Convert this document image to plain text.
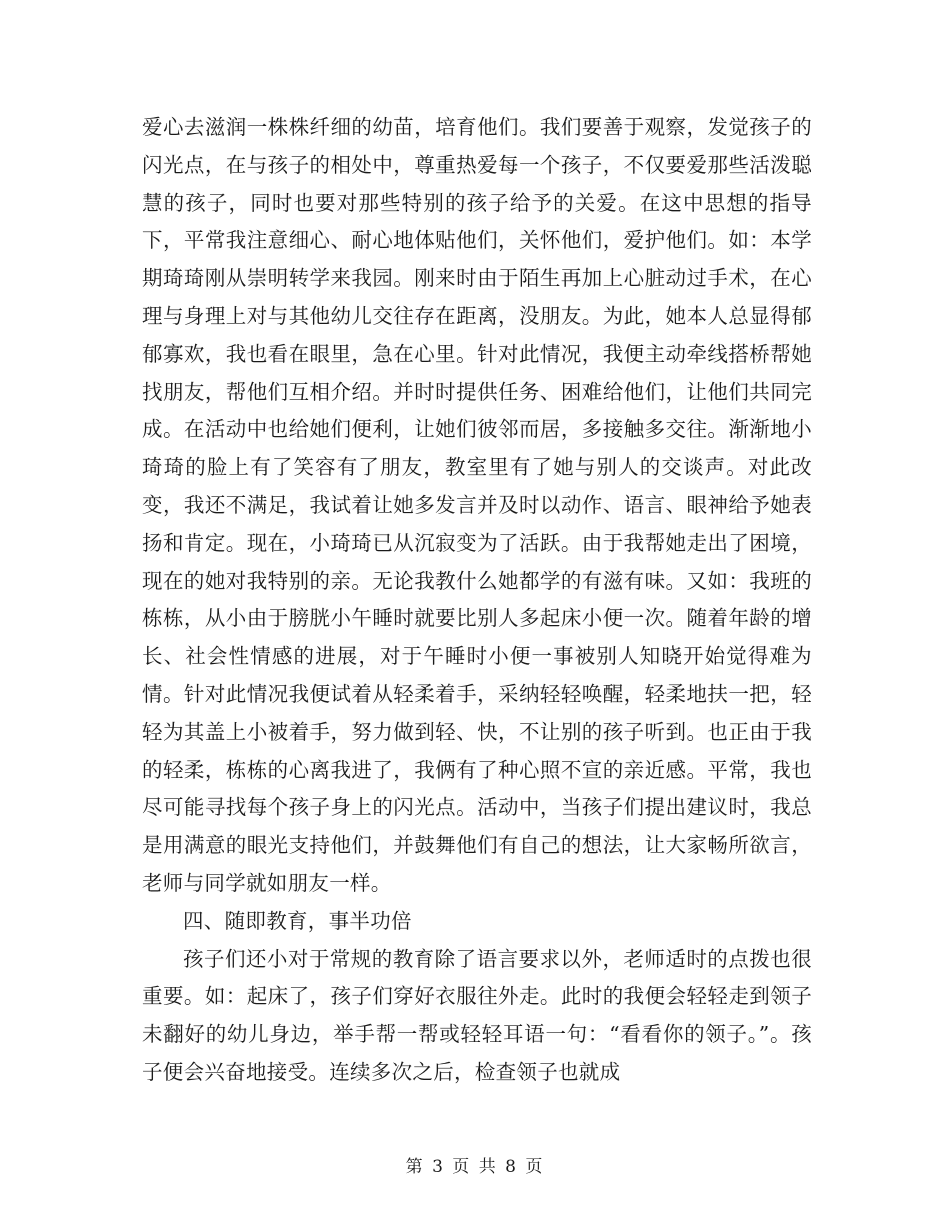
爱心去滋润一株株纤细的幼苗，培育他们。我们要善于观察，发觉孩子的闪光点，在与孩子的相处中，尊重热爱每一个孩子，不仅要爱那些活泼聪慧的孩子，同时也要对那些特别的孩子给予的关爱。在这中思想的指导下，平常我注意细心、耐心地体贴他们，关怀他们，爱护他们。如：本学期琦琦刚从崇明转学来我园。刚来时由于陌生再加上心脏动过手术，在心理与身理上对与其他幼儿交往存在距离，没朋友。为此，她本人总显得郁郁寡欢，我也看在眼里，急在心里。针对此情况，我便主动牵线搭桥帮她找朋友，帮他们互相介绍。并时时提供任务、困难给他们，让他们共同完成。在活动中也给她们便利，让她们彼邻而居，多接触多交往。渐渐地小琦琦的脸上有了笑容有了朋友，教室里有了她与别人的交谈声。对此改变，我还不满足，我试着让她多发言并及时以动作、语言、眼神给予她表扬和肯定。现在，小琦琦已从沉寂变为了活跃。由于我帮她走出了困境，现在的她对我特别的亲。无论我教什么她都学的有滋有味。又如：我班的栋栋，从小由于膀胱小午睡时就要比别人多起床小便一次。随着年龄的增长、社会性情感的进展，对于午睡时小便一事被别人知晓开始觉得难为情。针对此情况我便试着从轻柔着手，采纳轻轻唤醒，轻柔地扶一把，轻轻为其盖上小被着手，努力做到轻、快，不让别的孩子听到。也正由于我的轻柔，栋栋的心离我进了，我俩有了种心照不宣的亲近感。平常，我也尽可能寻找每个孩子身上的闪光点。活动中，当孩子们提出建议时，我总是用满意的眼光支持他们，并鼓舞他们有自己的想法，让大家畅所欲言，老师与同学就如朋友一样。

四、随即教育，事半功倍

孩子们还小对于常规的教育除了语言要求以外，老师适时的点拨也很重要。如：起床了，孩子们穿好衣服往外走。此时的我便会轻轻走到领子未翻好的幼儿身边，举手帮一帮或轻轻耳语一句：“看看你的领子。”。孩子便会兴奋地接受。连续多次之后，检查领子也就成

第 3 页 共 8 页
